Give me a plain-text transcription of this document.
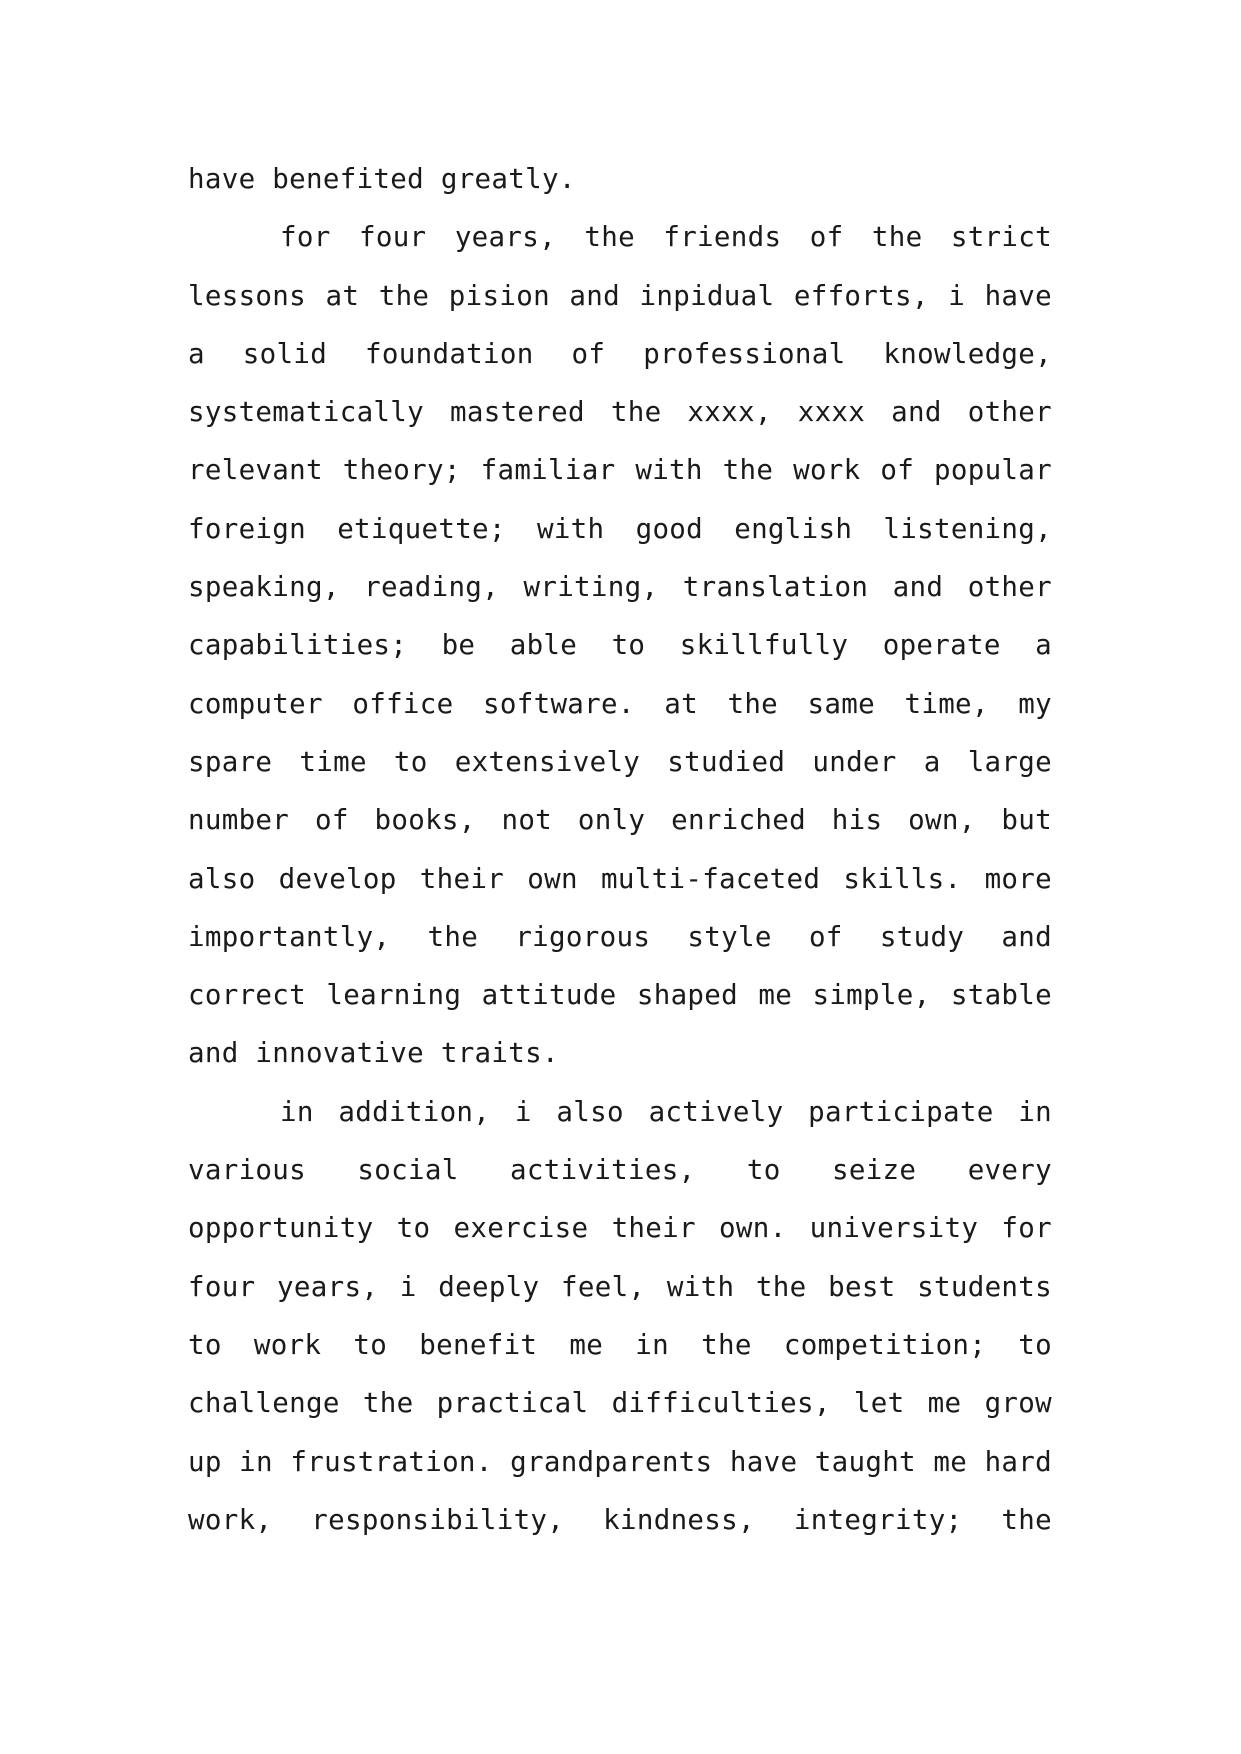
have benefited greatly.
for four years, the friends of the strict
lessons at the pision and inpidual efforts, i have
a solid foundation of professional knowledge,
systematically mastered the xxxx, xxxx and other
relevant theory; familiar with the work of popular
foreign etiquette; with good english listening,
speaking, reading, writing, translation and other
capabilities; be able to skillfully operate a
computer office software. at the same time, my
spare time to extensively studied under a large
number of books, not only enriched his own, but
also develop their own multi-faceted skills. more
importantly, the rigorous style of study and
correct learning attitude shaped me simple, stable
and innovative traits.
in addition, i also actively participate in
various social activities, to seize every
opportunity to exercise their own. university for
four years, i deeply feel, with the best students
to work to benefit me in the competition; to
challenge the practical difficulties, let me grow
up in frustration. grandparents have taught me hard
work, responsibility, kindness, integrity; the
